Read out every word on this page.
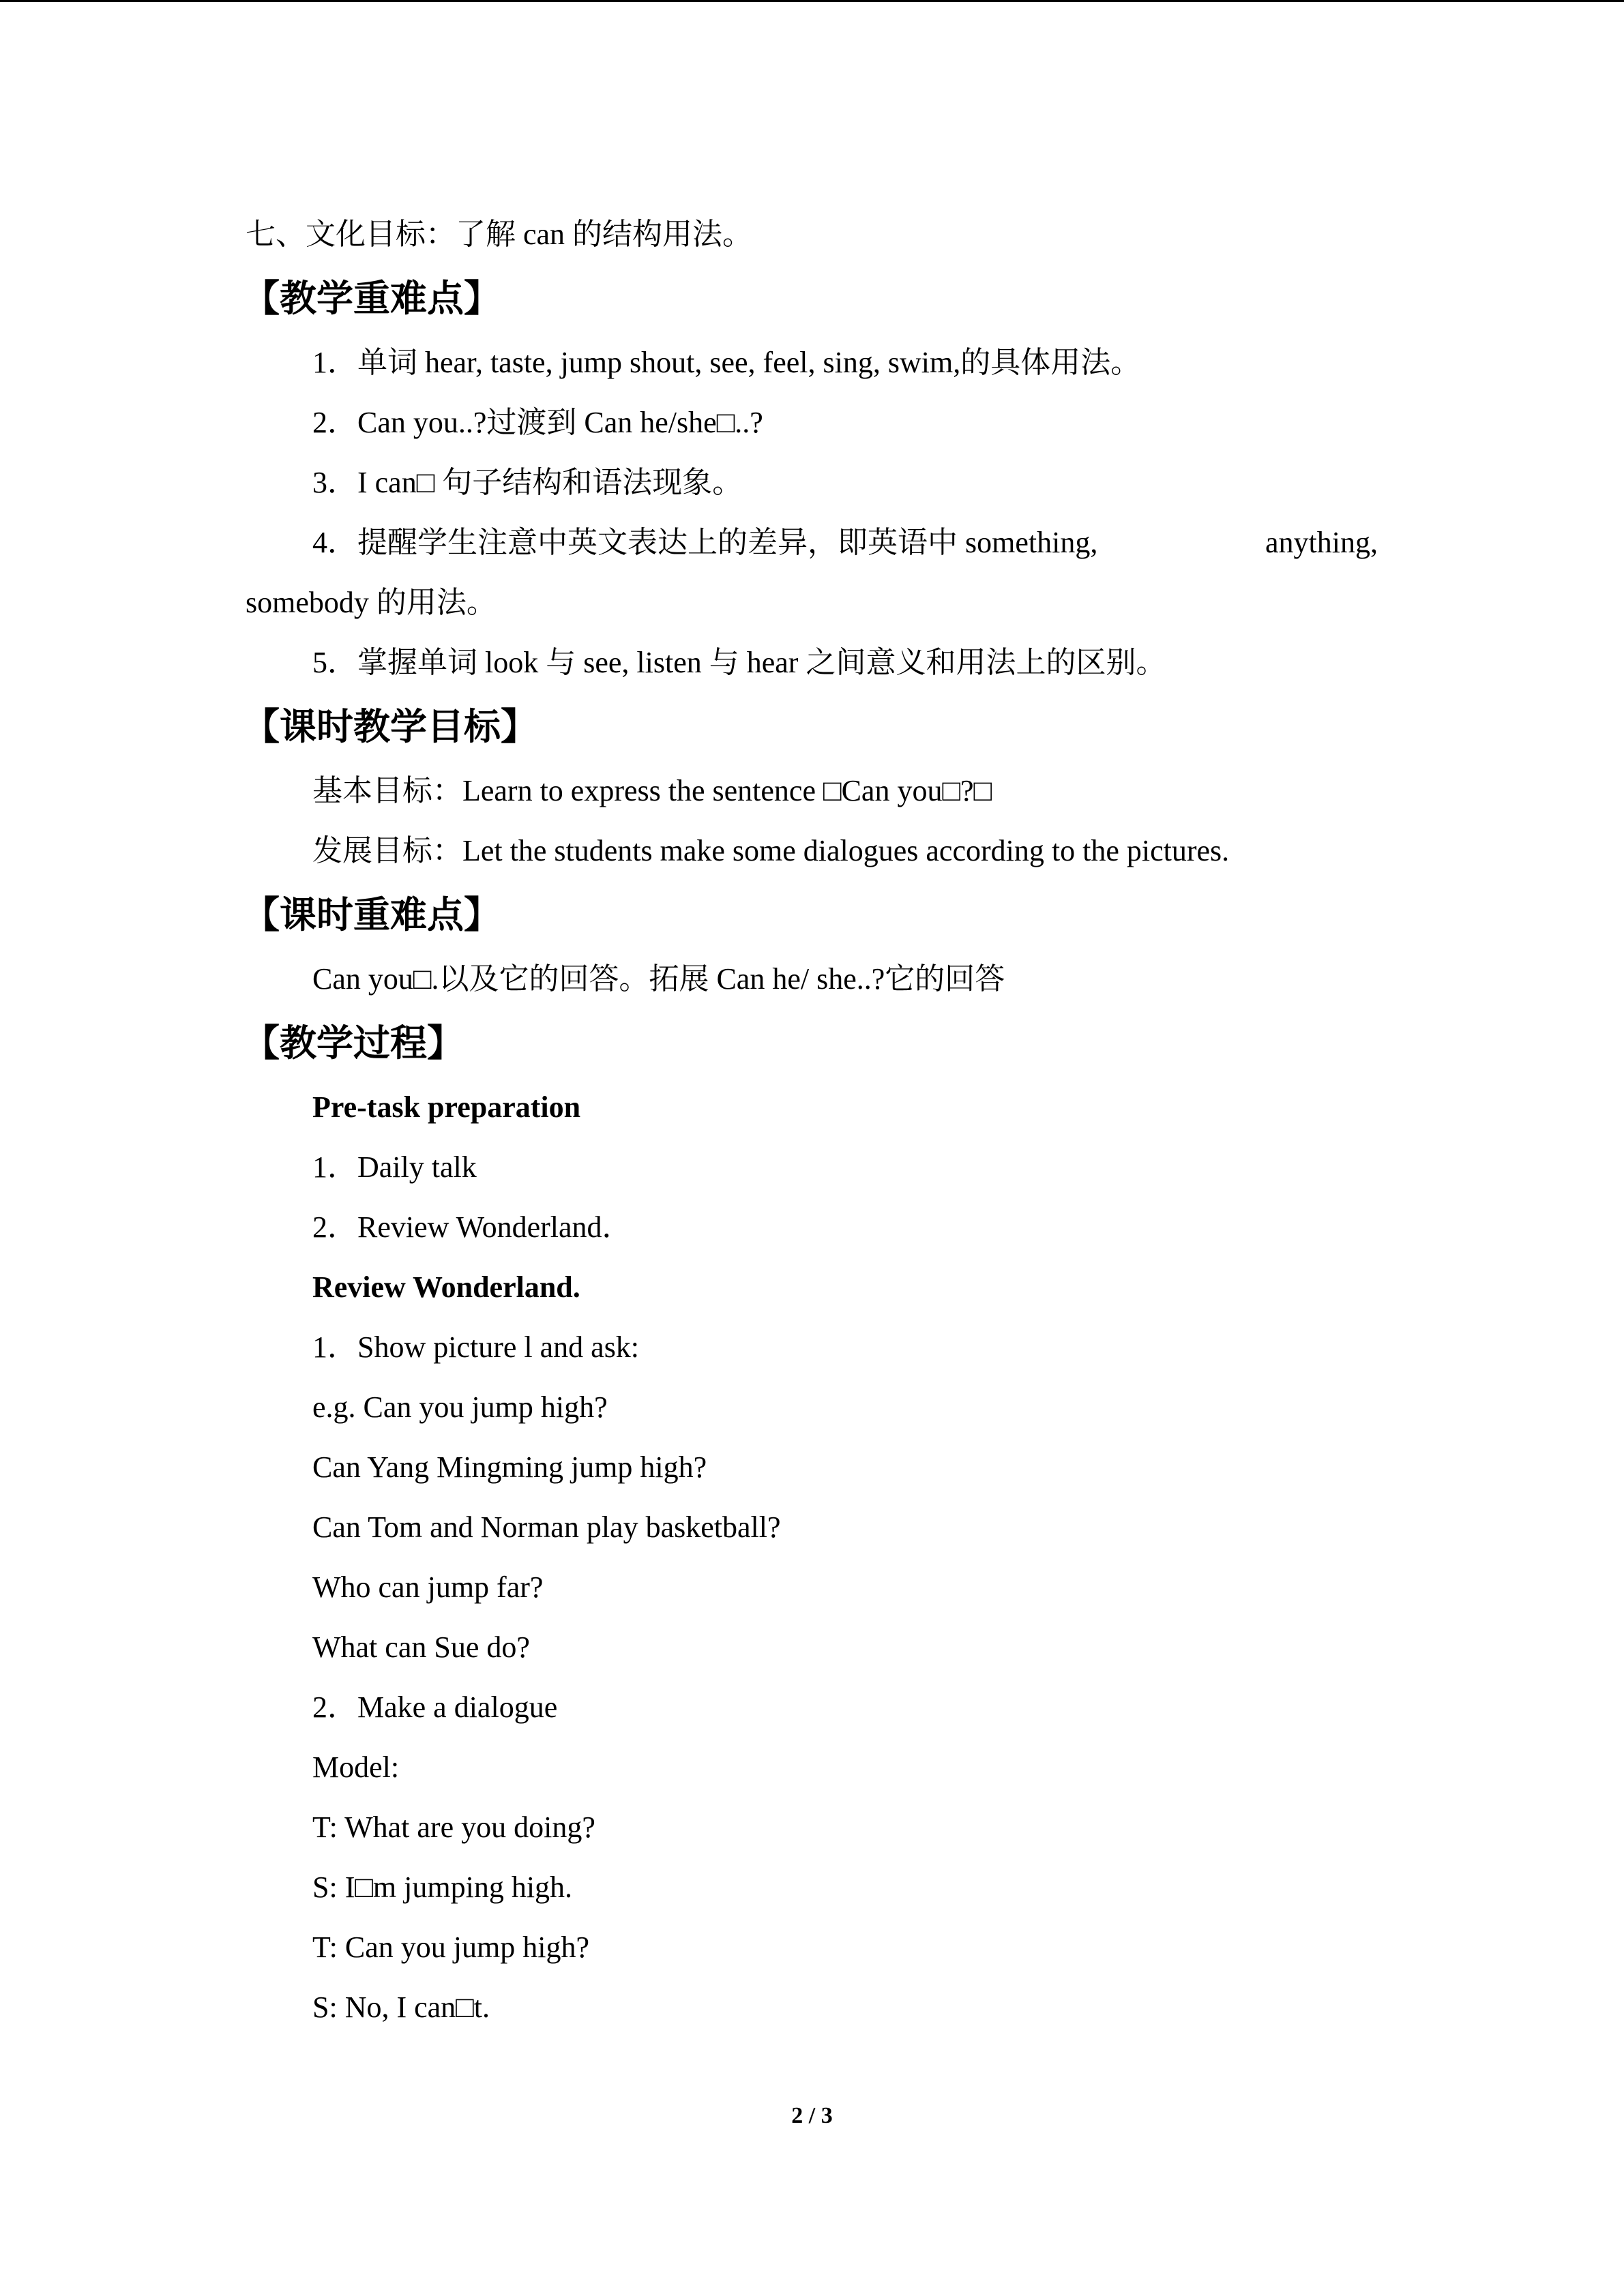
七、文化目标：了解 can 的结构用法。
【教学重难点】
1．单词 hear, taste, jump shout, see, feel, sing, swim,的具体用法。
2．Can you..?过渡到 Can he/she□..?
3．I can□ 句子结构和语法现象。
4．提醒学生注意中英文表达上的差异，即英语中 something,	anything,
somebody 的用法。
5．掌握单词 look 与 see, listen 与 hear 之间意义和用法上的区别。
【课时教学目标】
基本目标：Learn to express the sentence □Can you□?□
发展目标：Let the students make some dialogues according to the pictures.
【课时重难点】
Can you□.以及它的回答。拓展 Can he/ she..?它的回答
【教学过程】
Pre-task preparation
1．Daily talk
2．Review Wonderland．
Review Wonderland.
1．Show picture l and ask:
e.g. Can you jump high?
Can Yang Mingming jump high?
Can Tom and Norman play basketball?
Who can jump far?
What can Sue do?
2．Make a dialogue
Model:
T: What are you doing?
S: I□m jumping high.
T: Can you jump high?
S: No, I can□t.
2 / 3
